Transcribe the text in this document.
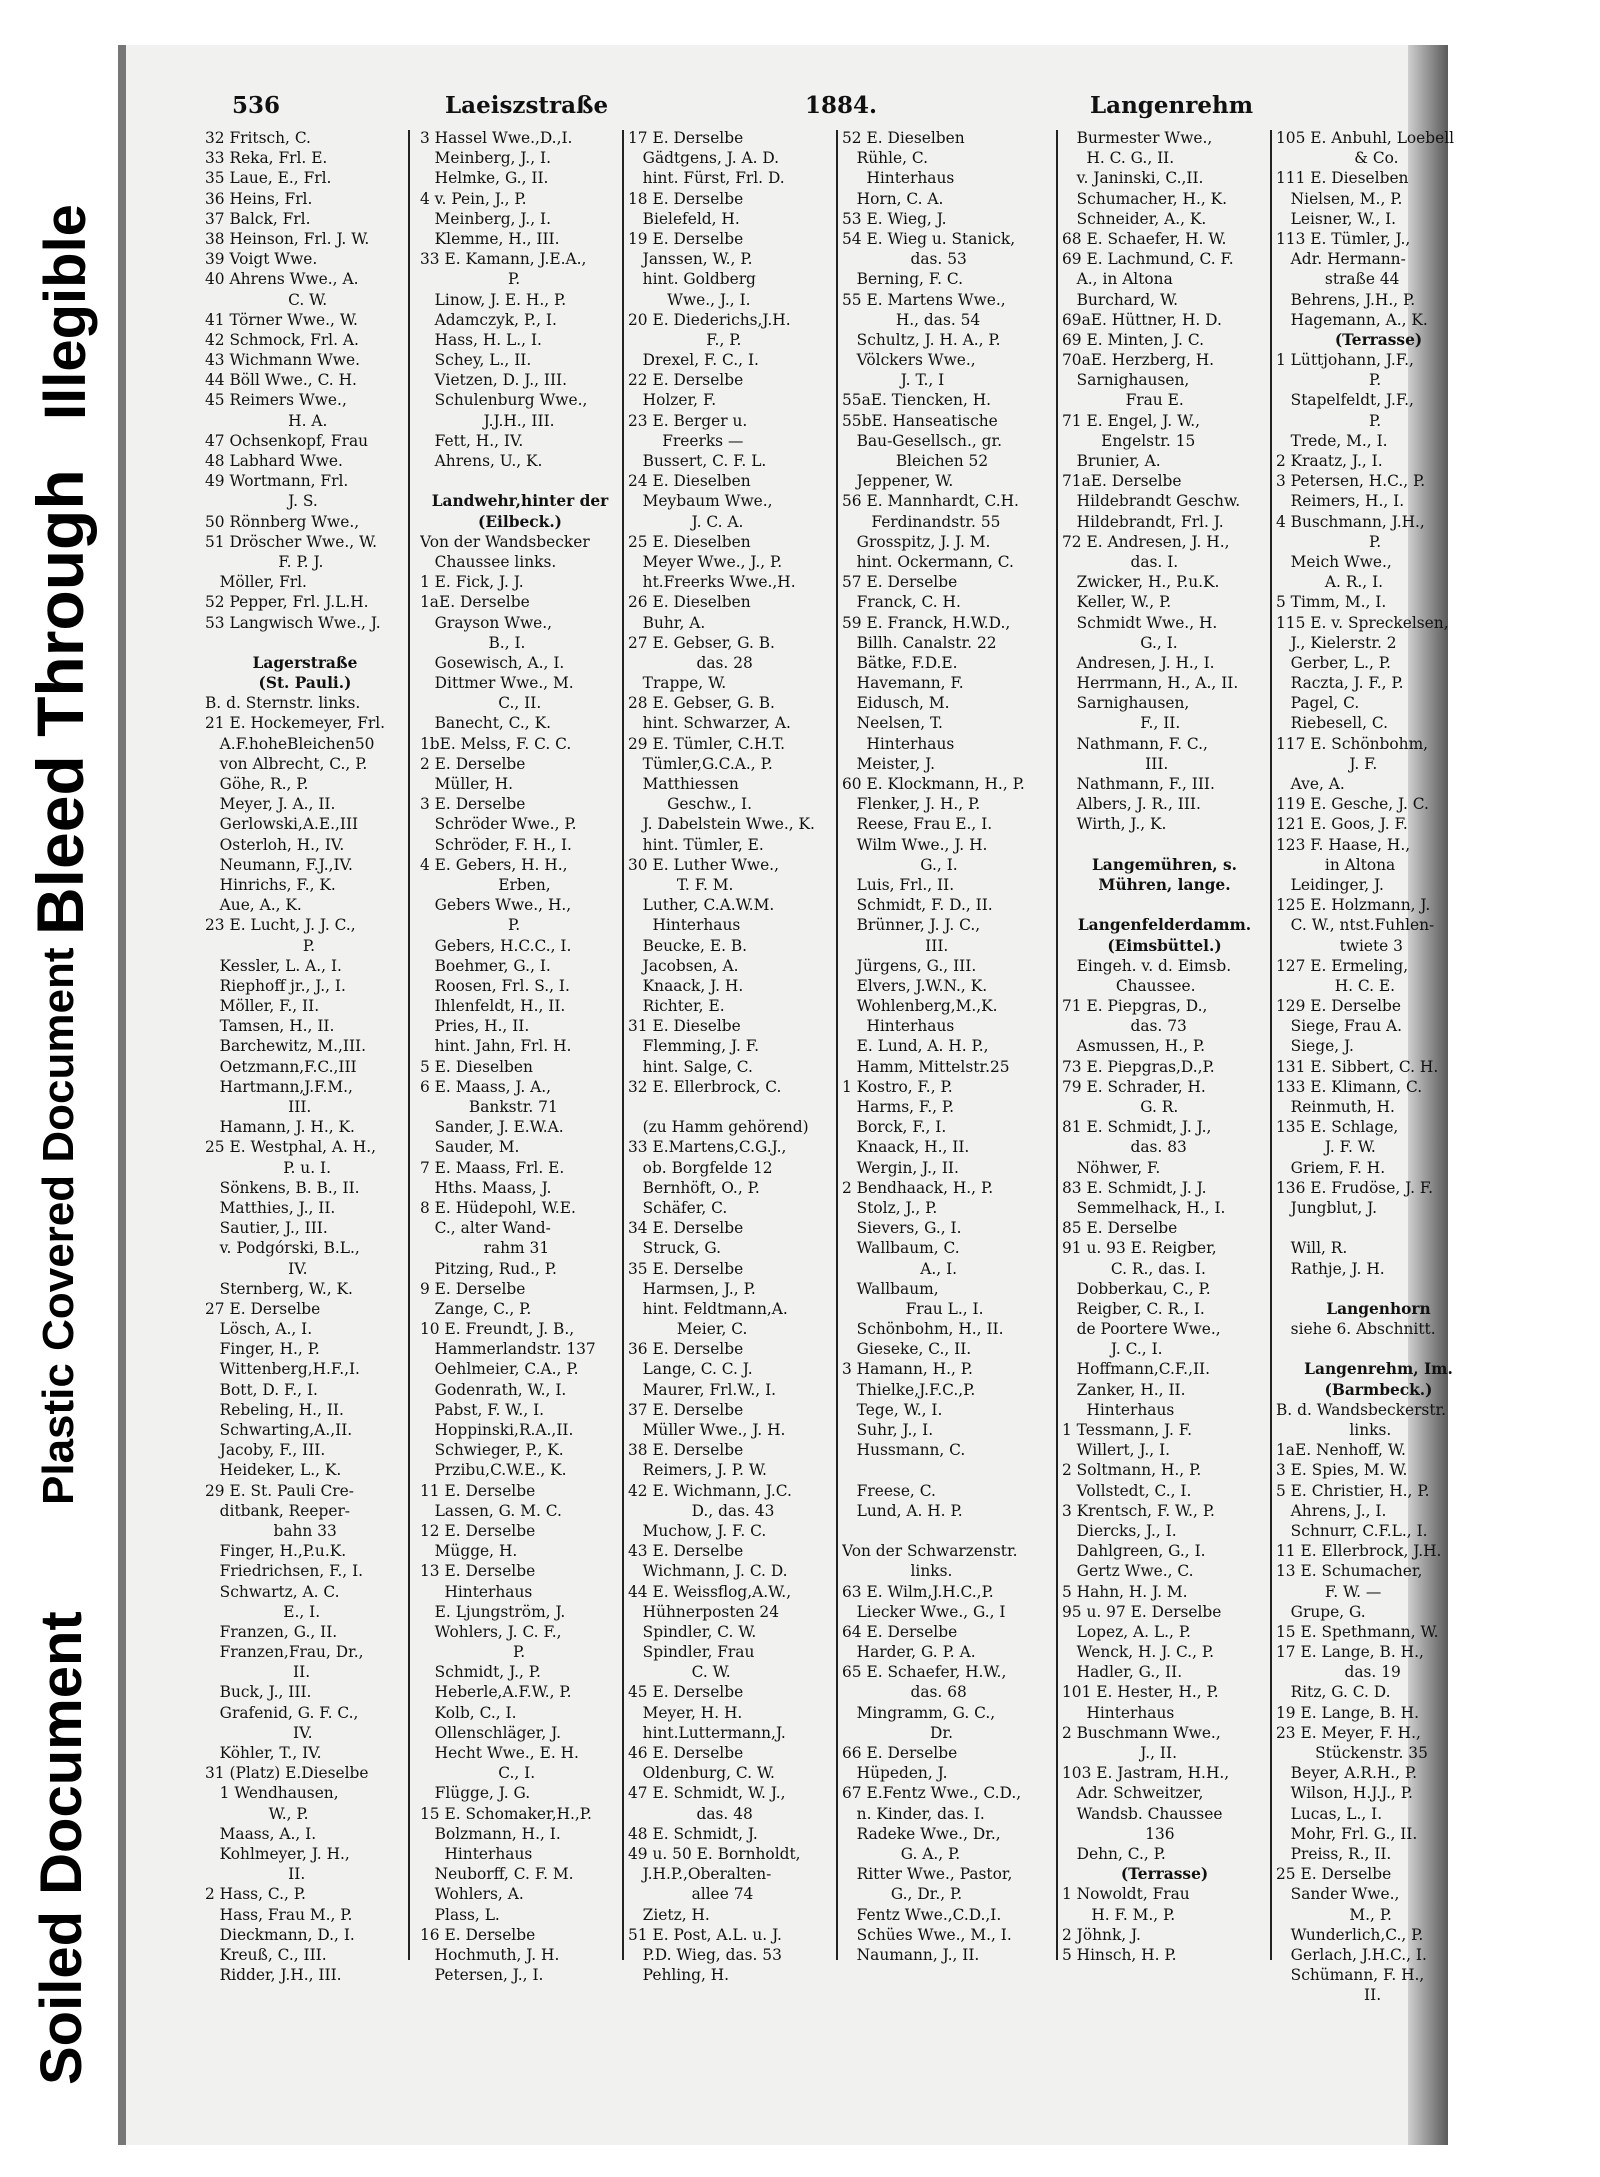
Illegible
Bleed Through
Plastic Covered Document
Soiled Document
536	Laeiszstraße	1884.	Langenrehm
32 Fritsch, C.
33 Reka, Frl. E.
35 Laue, E., Frl.
36 Heins, Frl.
37 Balck, Frl.
38 Heinson, Frl. J. W.
39 Voigt Wwe.
40 Ahrens Wwe., A.
C. W.
41 Törner Wwe., W.
42 Schmock, Frl. A.
43 Wichmann Wwe.
44 Böll Wwe., C. H.
45 Reimers Wwe.,
H. A.
47 Ochsenkopf, Frau
48 Labhard Wwe.
49 Wortmann, Frl.
J. S.
50 Rönnberg Wwe.,
51 Dröscher Wwe., W.
F. P. J.
Möller, Frl.
52 Pepper, Frl. J.L.H.
53 Langwisch Wwe., J.
Lagerstraße
(St. Pauli.)
B. d. Sternstr. links.
21 E. Hockemeyer, Frl.
A.F.hoheBleichen50
von Albrecht, C., P.
Göhe, R., P.
Meyer, J. A., II.
Gerlowski,A.E.,III
Osterloh, H., IV.
Neumann, F.J.,IV.
Hinrichs, F., K.
Aue, A., K.
23 E. Lucht, J. J. C.,
P.
Kessler, L. A., I.
Riephoff jr., J., I.
Möller, F., II.
Tamsen, H., II.
Barchewitz, M.,III.
Oetzmann,F.C.,III
Hartmann,J.F.M.,
III.
Hamann, J. H., K.
25 E. Westphal, A. H.,
P. u. I.
Sönkens, B. B., II.
Matthies, J., II.
Sautier, J., III.
v. Podgórski, B.L.,
IV.
Sternberg, W., K.
27 E. Derselbe
Lösch, A., I.
Finger, H., P.
Wittenberg,H.F.,I.
Bott, D. F., I.
Rebeling, H., II.
Schwarting,A.,II.
Jacoby, F., III.
Heideker, L., K.
29 E. St. Pauli Cre-
ditbank, Reeper-
bahn 33
Finger, H.,P.u.K.
Friedrichsen, F., I.
Schwartz, A. C.
E., I.
Franzen, G., II.
Franzen,Frau, Dr.,
II.
Buck, J., III.
Grafenid, G. F. C.,
IV.
Köhler, T., IV.
31 (Platz) E.Dieselbe
1 Wendhausen,
W., P.
Maass, A., I.
Kohlmeyer, J. H.,
II.
2 Hass, C., P.
Hass, Frau M., P.
Dieckmann, D., I.
Kreuß, C., III.
Ridder, J.H., III.
3 Hassel Wwe.,D.,I.
Meinberg, J., I.
Helmke, G., II.
4 v. Pein, J., P.
Meinberg, J., I.
Klemme, H., III.
33 E. Kamann, J.E.A.,
P.
Linow, J. E. H., P.
Adamczyk, P., I.
Hass, H. L., I.
Schey, L., II.
Vietzen, D. J., III.
Schulenburg Wwe.,
J.J.H., III.
Fett, H., IV.
Ahrens, U., K.
Landwehr,hinter der
(Eilbeck.)
Von der Wandsbecker
Chaussee links.
1 E. Fick, J. J.
1aE. Derselbe
Grayson Wwe.,
B., I.
Gosewisch, A., I.
Dittmer Wwe., M.
C., II.
Banecht, C., K.
1bE. Melss, F. C. C.
2 E. Derselbe
Müller, H.
3 E. Derselbe
Schröder Wwe., P.
Schröder, F. H., I.
4 E. Gebers, H. H.,
Erben,
Gebers Wwe., H.,
P.
Gebers, H.C.C., I.
Boehmer, G., I.
Roosen, Frl. S., I.
Ihlenfeldt, H., II.
Pries, H., II.
hint. Jahn, Frl. H.
5 E. Dieselben
6 E. Maass, J. A.,
Bankstr. 71
Sander, J. E.W.A.
Sauder, M.
7 E. Maass, Frl. E.
Hths. Maass, J.
8 E. Hüdepohl, W.E.
C., alter Wand-
rahm 31
Pitzing, Rud., P.
9 E. Derselbe
Zange, C., P.
10 E. Freundt, J. B.,
Hammerlandstr. 137
Oehlmeier, C.A., P.
Godenrath, W., I.
Pabst, F. W., I.
Hoppinski,R.A.,II.
Schwieger, P., K.
Przibu,C.W.E., K.
11 E. Derselbe
Lassen, G. M. C.
12 E. Derselbe
Mügge, H.
13 E. Derselbe
Hinterhaus
E. Ljungström, J.
Wohlers, J. C. F.,
P.
Schmidt, J., P.
Heberle,A.F.W., P.
Kolb, C., I.
Ollenschläger, J.
Hecht Wwe., E. H.
C., I.
Flügge, J. G.
15 E. Schomaker,H.,P.
Bolzmann, H., I.
Hinterhaus
Neuborff, C. F. M.
Wohlers, A.
Plass, L.
16 E. Derselbe
Hochmuth, J. H.
Petersen, J., I.
17 E. Derselbe
Gädtgens, J. A. D.
hint. Fürst, Frl. D.
18 E. Derselbe
Bielefeld, H.
19 E. Derselbe
Janssen, W., P.
hint. Goldberg
Wwe., J., I.
20 E. Diederichs,J.H.
F., P.
Drexel, F. C., I.
22 E. Derselbe
Holzer, F.
23 E. Berger u.
Freerks —
Bussert, C. F. L.
24 E. Dieselben
Meybaum Wwe.,
J. C. A.
25 E. Dieselben
Meyer Wwe., J., P.
ht.Freerks Wwe.,H.
26 E. Dieselben
Buhr, A.
27 E. Gebser, G. B.
das. 28
Trappe, W.
28 E. Gebser, G. B.
hint. Schwarzer, A.
29 E. Tümler, C.H.T.
Tümler,G.C.A., P.
Matthiessen
Geschw., I.
J. Dabelstein Wwe., K.
hint. Tümler, E.
30 E. Luther Wwe.,
T. F. M.
Luther, C.A.W.M.
Hinterhaus
Beucke, E. B.
Jacobsen, A.
Knaack, J. H.
Richter, E.
31 E. Dieselbe
Flemming, J. F.
hint. Salge, C.
32 E. Ellerbrock, C.
(zu Hamm gehörend)
33 E.Martens,C.G.J.,
ob. Borgfelde 12
Bernhöft, O., P.
Schäfer, C.
34 E. Derselbe
Struck, G.
35 E. Derselbe
Harmsen, J., P.
hint. Feldtmann,A.
Meier, C.
36 E. Derselbe
Lange, C. C. J.
Maurer, Frl.W., I.
37 E. Derselbe
Müller Wwe., J. H.
38 E. Derselbe
Reimers, J. P. W.
42 E. Wichmann, J.C.
D., das. 43
Muchow, J. F. C.
43 E. Derselbe
Wichmann, J. C. D.
44 E. Weissflog,A.W.,
Hühnerposten 24
Spindler, C. W.
Spindler, Frau
C. W.
45 E. Derselbe
Meyer, H. H.
hint.Luttermann,J.
46 E. Derselbe
Oldenburg, C. W.
47 E. Schmidt, W. J.,
das. 48
48 E. Schmidt, J.
49 u. 50 E. Bornholdt,
J.H.P.,Oberalten-
allee 74
Zietz, H.
51 E. Post, A.L. u. J.
P.D. Wieg, das. 53
Pehling, H.
52 E. Dieselben
Rühle, C.
Hinterhaus
Horn, C. A.
53 E. Wieg, J.
54 E. Wieg u. Stanick,
das. 53
Berning, F. C.
55 E. Martens Wwe.,
H., das. 54
Schultz, J. H. A., P.
Völckers Wwe.,
J. T., I
55aE. Tiencken, H.
55bE. Hanseatische
Bau-Gesellsch., gr.
Bleichen 52
Jeppener, W.
56 E. Mannhardt, C.H.
Ferdinandstr. 55
Grosspitz, J. J. M.
hint. Ockermann, C.
57 E. Derselbe
Franck, C. H.
59 E. Franck, H.W.D.,
Billh. Canalstr. 22
Bätke, F.D.E.
Havemann, F.
Eidusch, M.
Neelsen, T.
Hinterhaus
Meister, J.
60 E. Klockmann, H., P.
Flenker, J. H., P.
Reese, Frau E., I.
Wilm Wwe., J. H.
G., I.
Luis, Frl., II.
Schmidt, F. D., II.
Brünner, J. J. C.,
III.
Jürgens, G., III.
Elvers, J.W.N., K.
Wohlenberg,M.,K.
Hinterhaus
E. Lund, A. H. P.,
Hamm, Mittelstr.25
1 Kostro, F., P.
Harms, F., P.
Borck, F., I.
Knaack, H., II.
Wergin, J., II.
2 Bendhaack, H., P.
Stolz, J., P.
Sievers, G., I.
Wallbaum, C.
A., I.
Wallbaum,
Frau L., I.
Schönbohm, H., II.
Gieseke, C., II.
3 Hamann, H., P.
Thielke,J.F.C.,P.
Tege, W., I.
Suhr, J., I.
Hussmann, C.
Freese, C.
Lund, A. H. P.
Von der Schwarzenstr.
links.
63 E. Wilm,J.H.C.,P.
Liecker Wwe., G., I
64 E. Derselbe
Harder, G. P. A.
65 E. Schaefer, H.W.,
das. 68
Mingramm, G. C.,
Dr.
66 E. Derselbe
Hüpeden, J.
67 E.Fentz Wwe., C.D.,
n. Kinder, das. I.
Radeke Wwe., Dr.,
G. A., P.
Ritter Wwe., Pastor,
G., Dr., P.
Fentz Wwe.,C.D.,I.
Schües Wwe., M., I.
Naumann, J., II.
Burmester Wwe.,
H. C. G., II.
v. Janinski, C.,II.
Schumacher, H., K.
Schneider, A., K.
68 E. Schaefer, H. W.
69 E. Lachmund, C. F.
A., in Altona
Burchard, W.
69aE. Hüttner, H. D.
69 E. Minten, J. C.
70aE. Herzberg, H.
Sarnighausen,
Frau E.
71 E. Engel, J. W.,
Engelstr. 15
Brunier, A.
71aE. Derselbe
Hildebrandt Geschw.
Hildebrandt, Frl. J.
72 E. Andresen, J. H.,
das. I.
Zwicker, H., P.u.K.
Keller, W., P.
Schmidt Wwe., H.
G., I.
Andresen, J. H., I.
Herrmann, H., A., II.
Sarnighausen,
F., II.
Nathmann, F. C.,
III.
Nathmann, F., III.
Albers, J. R., III.
Wirth, J., K.
Langemühren, s.
Mühren, lange.
Langenfelderdamm.
(Eimsbüttel.)
Eingeh. v. d. Eimsb.
Chaussee.
71 E. Piepgras, D.,
das. 73
Asmussen, H., P.
73 E. Piepgras,D.,P.
79 E. Schrader, H.
G. R.
81 E. Schmidt, J. J.,
das. 83
Nöhwer, F.
83 E. Schmidt, J. J.
Semmelhack, H., I.
85 E. Derselbe
91 u. 93 E. Reigber,
C. R., das. I.
Dobberkau, C., P.
Reigber, C. R., I.
de Poortere Wwe.,
J. C., I.
Hoffmann,C.F.,II.
Zanker, H., II.
Hinterhaus
1 Tessmann, J. F.
Willert, J., I.
2 Soltmann, H., P.
Vollstedt, C., I.
3 Krentsch, F. W., P.
Diercks, J., I.
Dahlgreen, G., I.
Gertz Wwe., C.
5 Hahn, H. J. M.
95 u. 97 E. Derselbe
Lopez, A. L., P.
Wenck, H. J. C., P.
Hadler, G., II.
101 E. Hester, H., P.
Hinterhaus
2 Buschmann Wwe.,
J., II.
103 E. Jastram, H.H.,
Adr. Schweitzer,
Wandsb. Chaussee
136
Dehn, C., P.
(Terrasse)
1 Nowoldt, Frau
H. F. M., P.
2 Jöhnk, J.
5 Hinsch, H. P.
105 E. Anbuhl, Loebell
& Co.
111 E. Dieselben
Nielsen, M., P.
Leisner, W., I.
113 E. Tümler, J.,
Adr. Hermann-
straße 44
Behrens, J.H., P.
Hagemann, A., K.
(Terrasse)
1 Lüttjohann, J.F.,
P.
Stapelfeldt, J.F.,
P.
Trede, M., I.
2 Kraatz, J., I.
3 Petersen, H.C., P.
Reimers, H., I.
4 Buschmann, J.H.,
P.
Meich Wwe.,
A. R., I.
5 Timm, M., I.
115 E. v. Spreckelsen,
J., Kielerstr. 2
Gerber, L., P.
Raczta, J. F., P.
Pagel, C.
Riebesell, C.
117 E. Schönbohm,
J. F.
Ave, A.
119 E. Gesche, J. C.
121 E. Goos, J. F.
123 F. Haase, H.,
in Altona
Leidinger, J.
125 E. Holzmann, J.
C. W., ntst.Fuhlen-
twiete 3
127 E. Ermeling,
H. C. E.
129 E. Derselbe
Siege, Frau A.
Siege, J.
131 E. Sibbert, C. H.
133 E. Klimann, C.
Reinmuth, H.
135 E. Schlage,
J. F. W.
Griem, F. H.
136 E. Frudöse, J. F.
Jungblut, J.
Will, R.
Rathje, J. H.
Langenhorn
siehe 6. Abschnitt.
Langenrehm, Im.
(Barmbeck.)
B. d. Wandsbeckerstr.
links.
1aE. Nenhoff, W.
3 E. Spies, M. W.
5 E. Christier, H., P.
Ahrens, J., I.
Schnurr, C.F.L., I.
11 E. Ellerbrock, J.H.
13 E. Schumacher,
F. W. —
Grupe, G.
15 E. Spethmann, W.
17 E. Lange, B. H.,
das. 19
Ritz, G. C. D.
19 E. Lange, B. H.
23 E. Meyer, F. H.,
Stückenstr. 35
Beyer, A.R.H., P.
Wilson, H.J.J., P.
Lucas, L., I.
Mohr, Frl. G., II.
Preiss, R., II.
25 E. Derselbe
Sander Wwe.,
M., P.
Wunderlich,C., P.
Gerlach, J.H.C., I.
Schümann, F. H.,
II.
